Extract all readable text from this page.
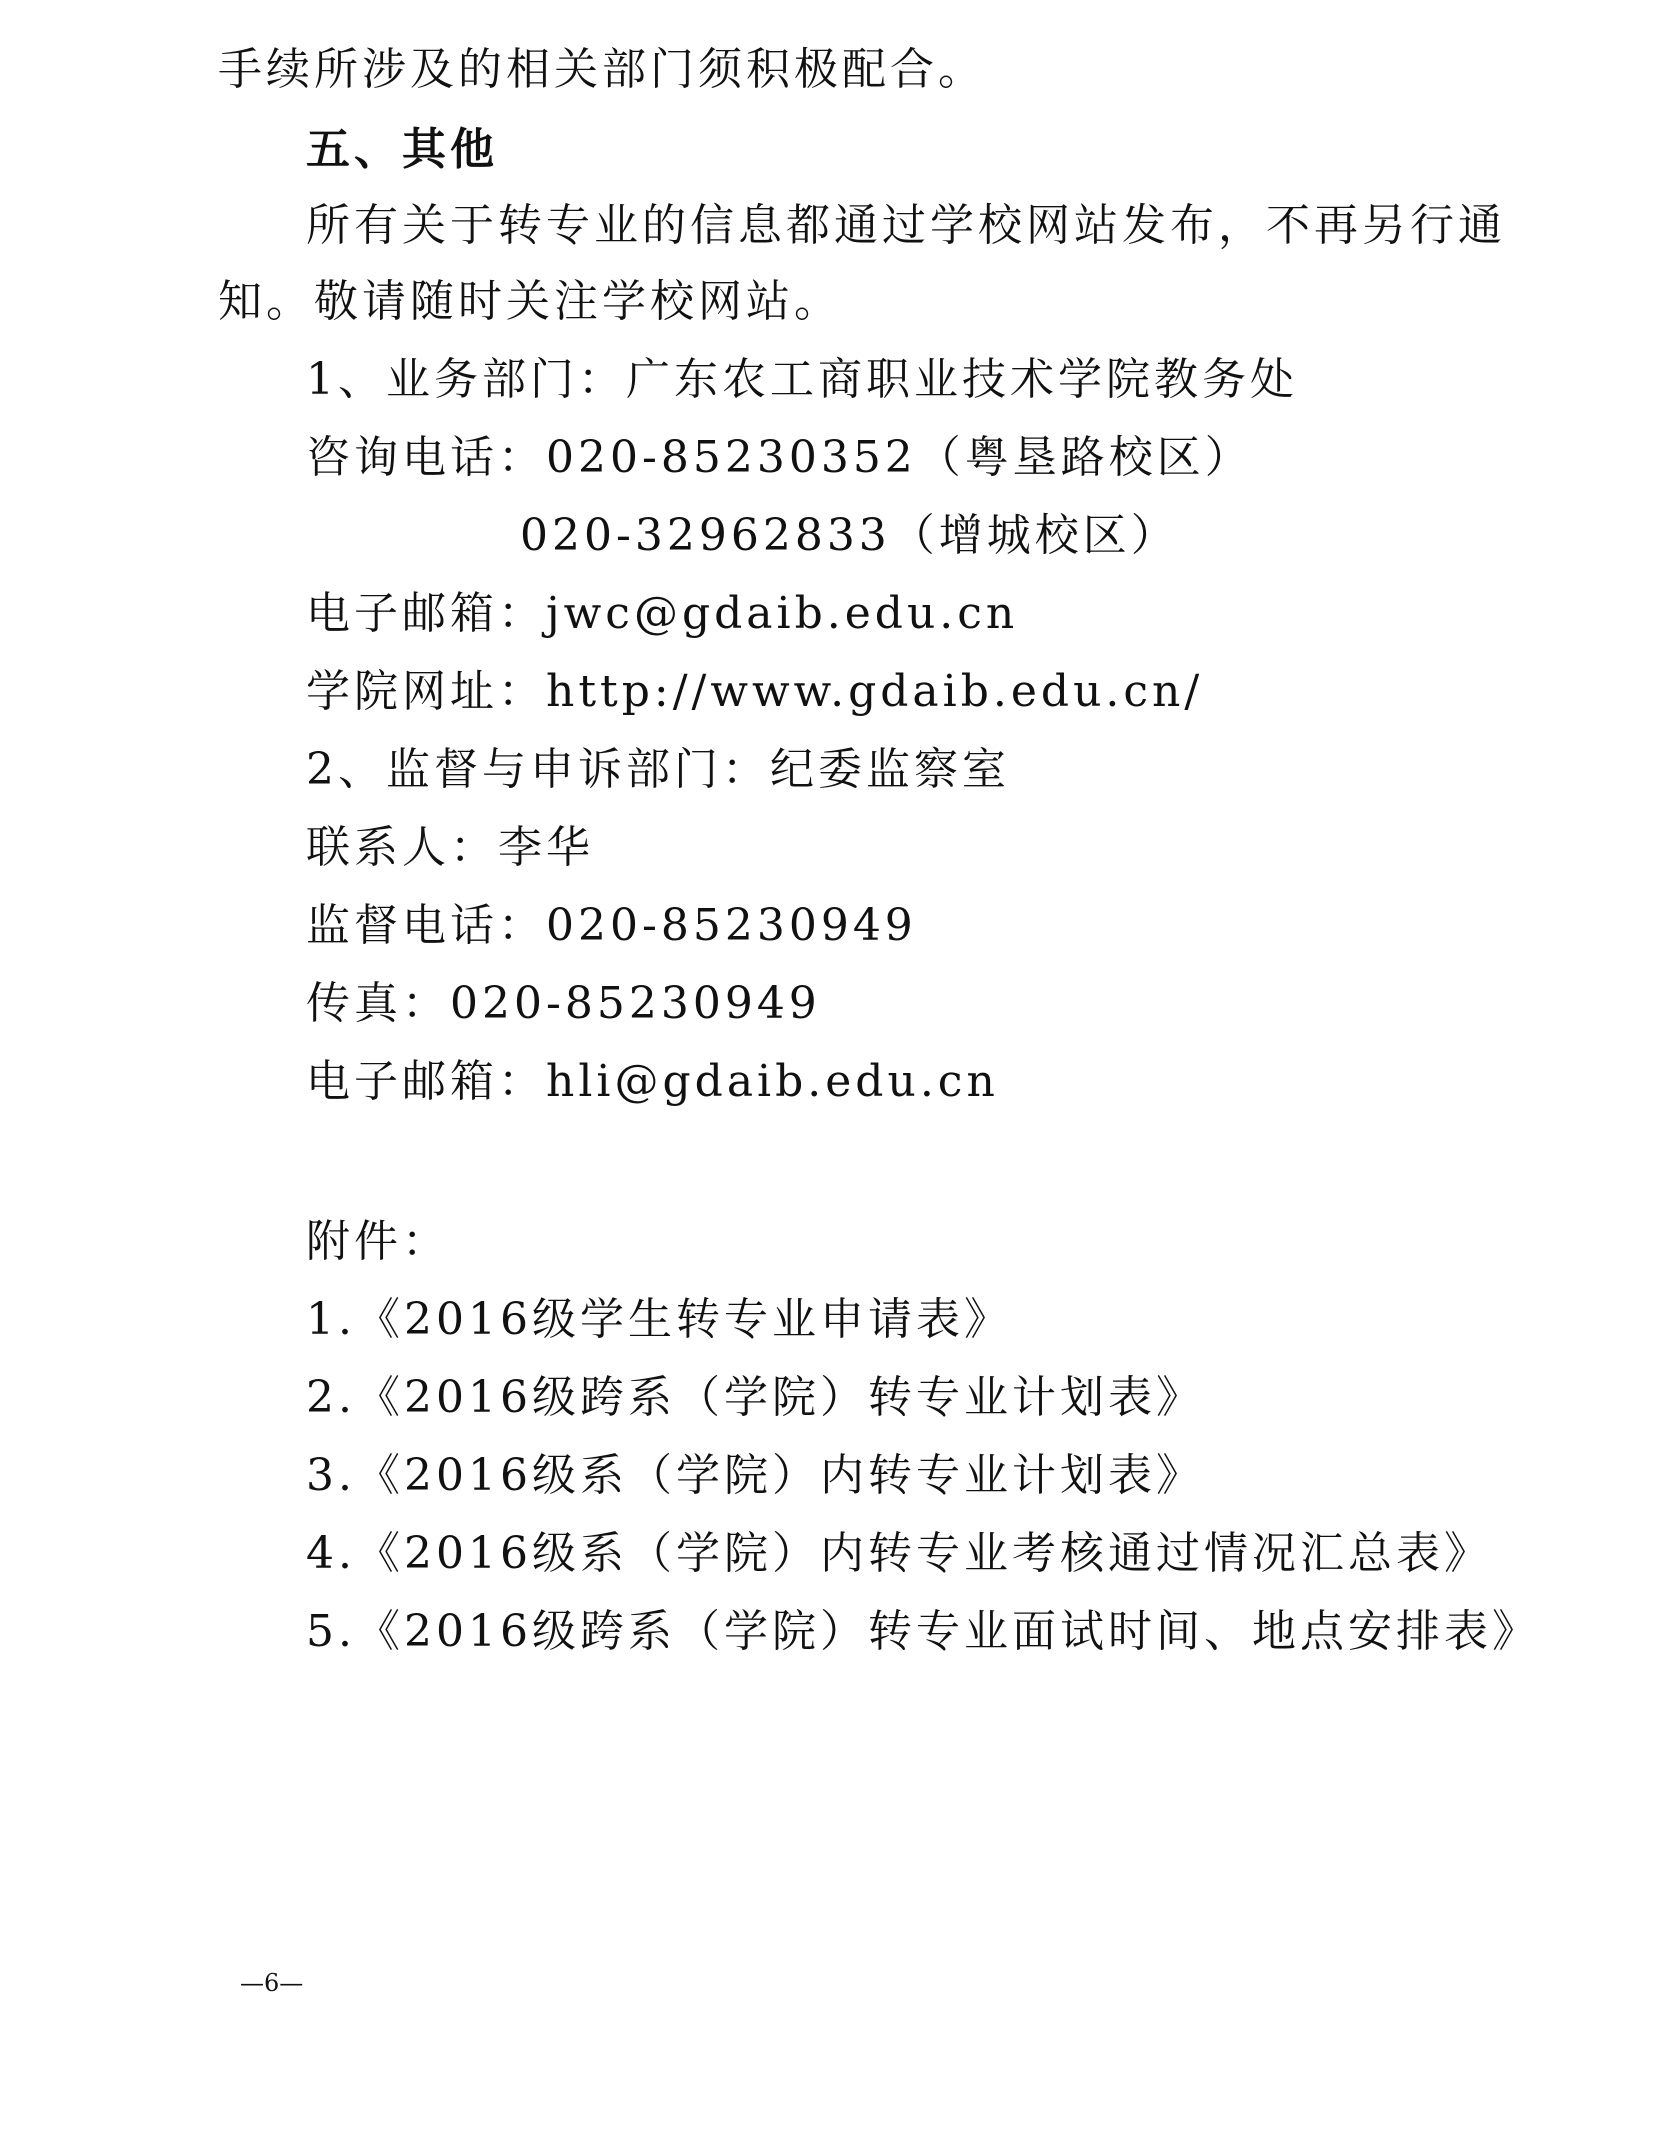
手续所涉及的相关部门须积极配合。
五、其他
所有关于转专业的信息都通过学校网站发布，不再另行通
知。敬请随时关注学校网站。
1、业务部门：广东农工商职业技术学院教务处
咨询电话：020-85230352（粤垦路校区）
020-32962833（增城校区）
电子邮箱：jwc@gdaib.edu.cn
学院网址：http://www.gdaib.edu.cn/
2、监督与申诉部门：纪委监察室
联系人：李华
监督电话：020-85230949
传真：020-85230949
电子邮箱：hli@gdaib.edu.cn
附件：
1.《2016级学生转专业申请表》
2.《2016级跨系（学院）转专业计划表》
3.《2016级系（学院）内转专业计划表》
4.《2016级系（学院）内转专业考核通过情况汇总表》
5.《2016级跨系（学院）转专业面试时间、地点安排表》
—6—
